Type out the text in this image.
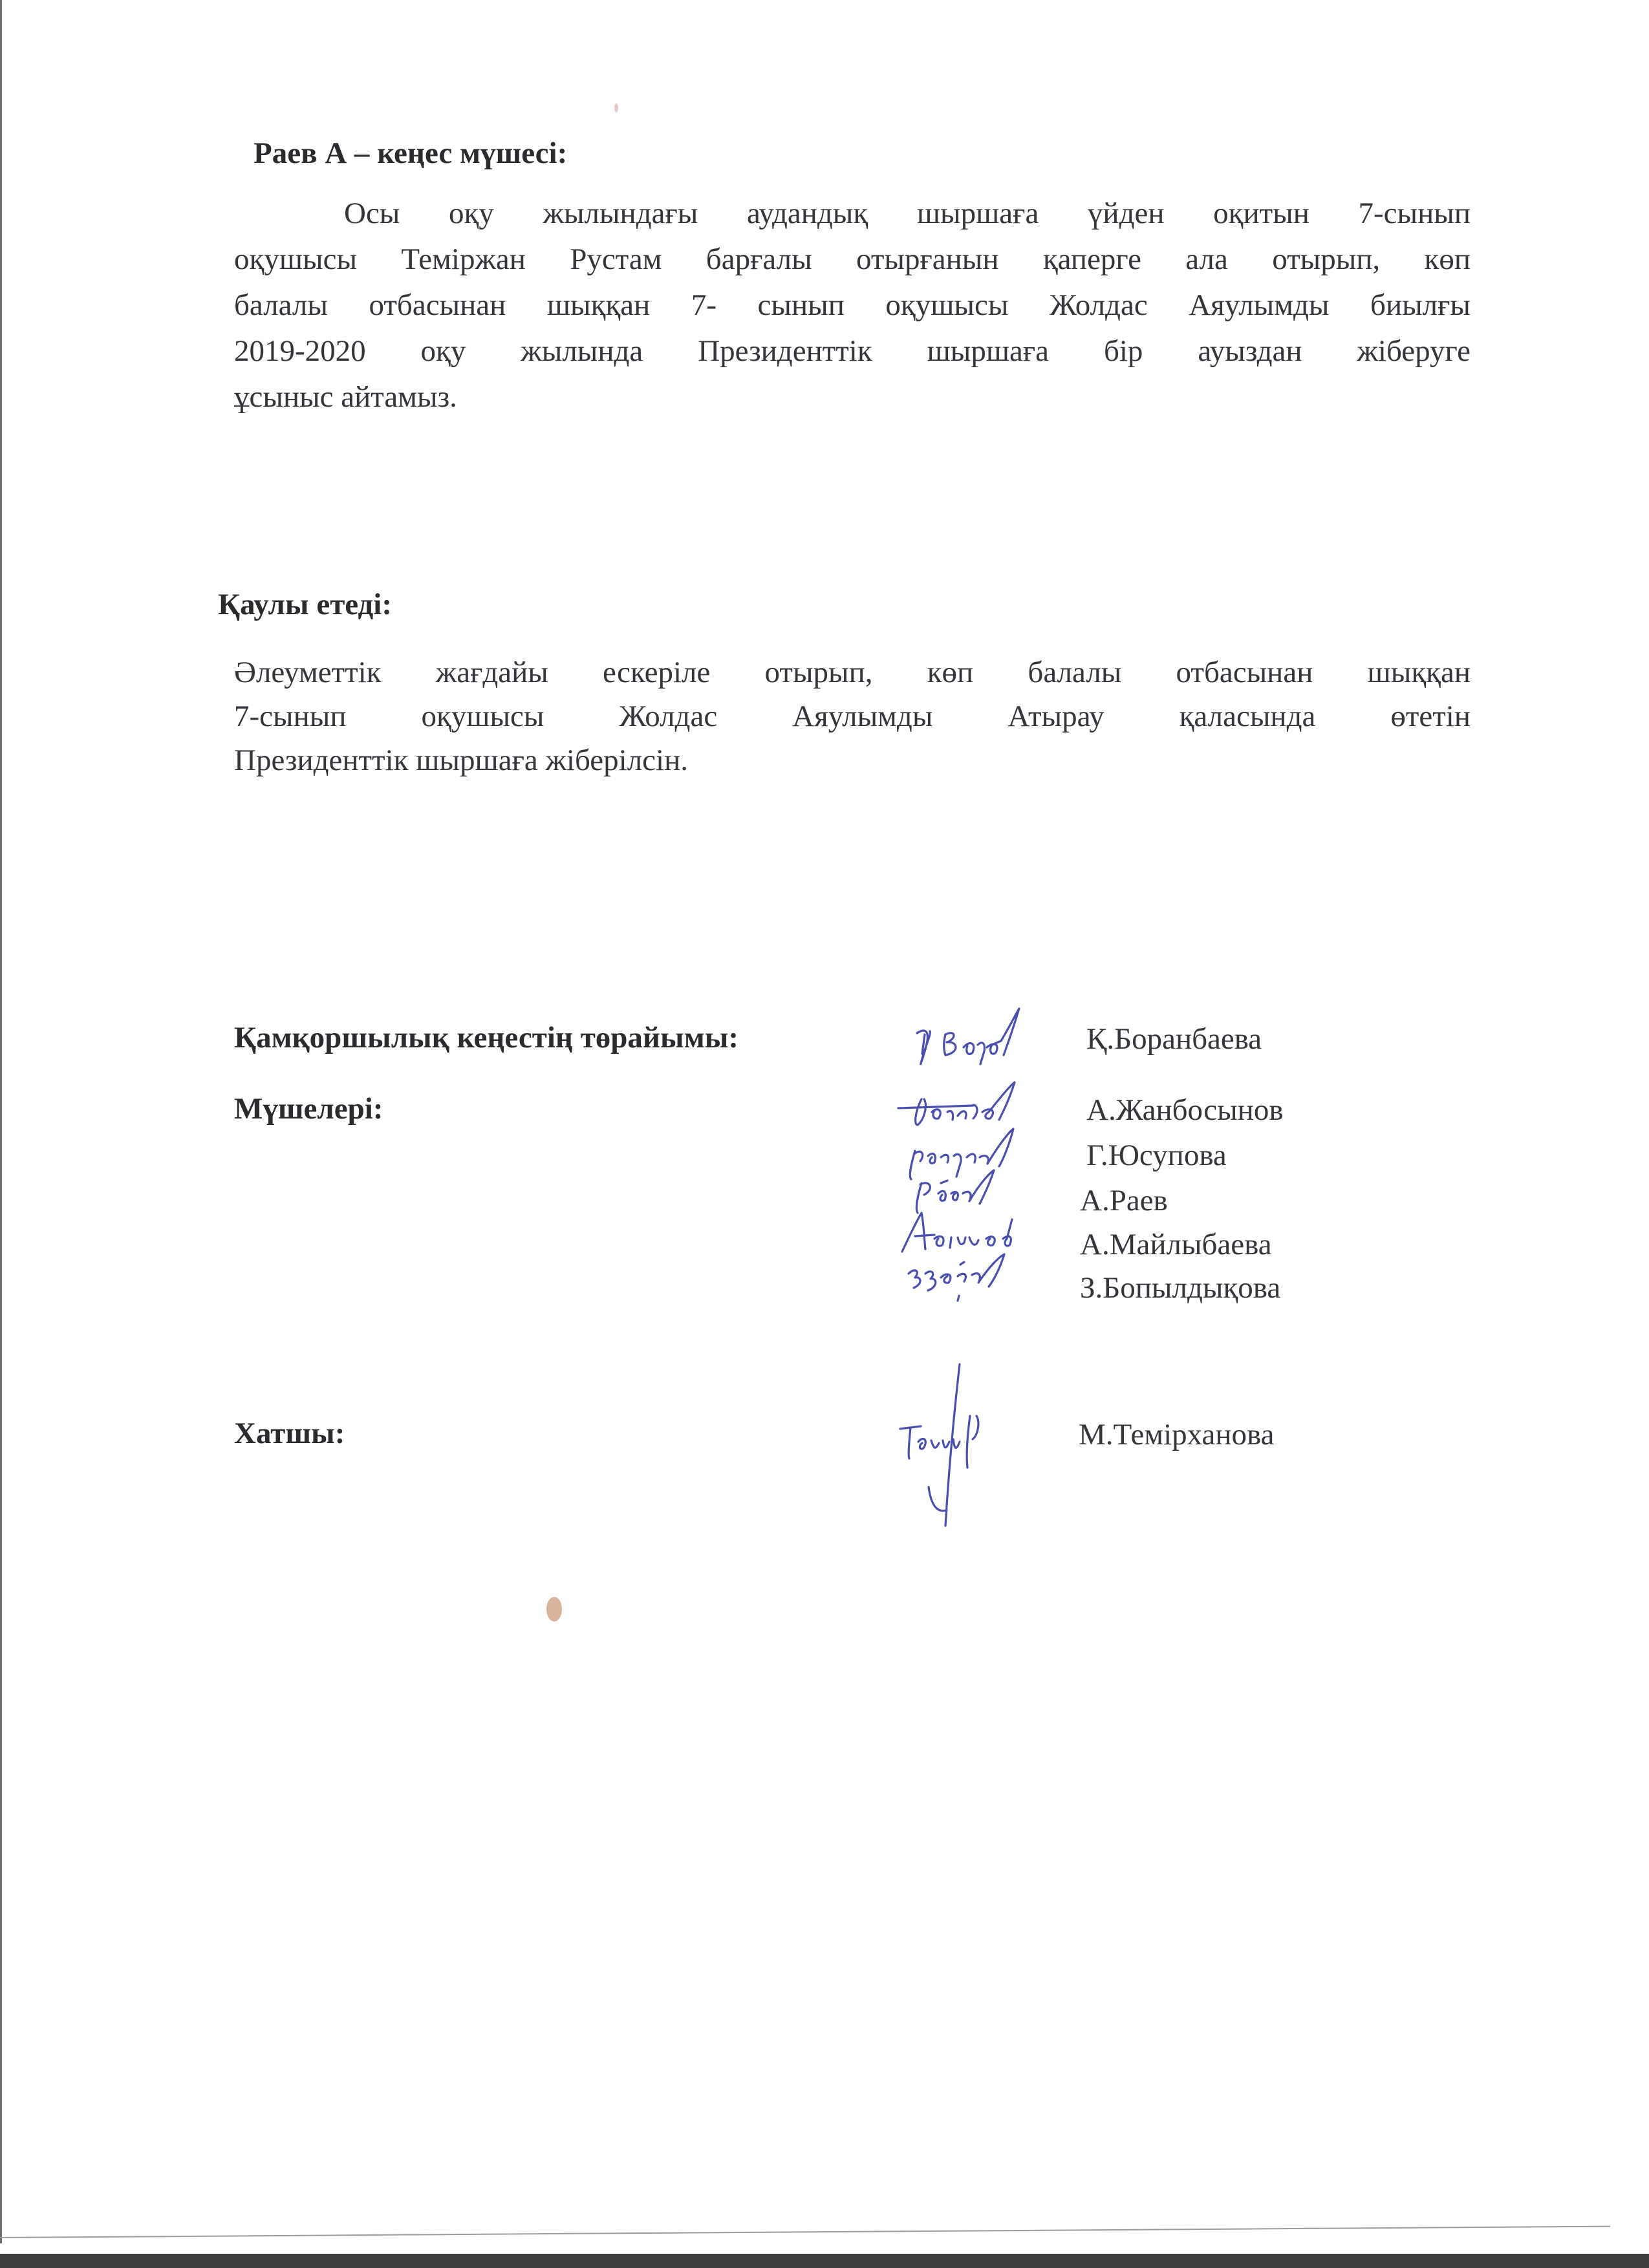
Раев А – кеңес мүшесі:
Осы оқу жылындағы аудандық шыршаға үйден оқитын 7-сынып
оқушысы Теміржан Рустам барғалы отырғанын қаперге ала отырып, көп
балалы отбасынан шыққан 7- сынып оқушысы Жолдас Аяулымды биылғы
2019-2020 оқу жылында Президенттік шыршаға бір ауыздан жіберуге
ұсыныс айтамыз.
Қаулы етеді:
Әлеуметтік жағдайы ескеріле отырып, көп балалы отбасынан шыққан
7-сынып оқушысы Жолдас Аяулымды Атырау қаласында өтетін
Президенттік шыршаға жіберілсін.
Қамқоршылық кеңестің төрайымы:	Қ.Боранбаева
Мүшелері:	А.Жанбосынов
Г.Юсупова
А.Раев
А.Майлыбаева
З.Бопылдықова
Хатшы:	М.Темірханова
